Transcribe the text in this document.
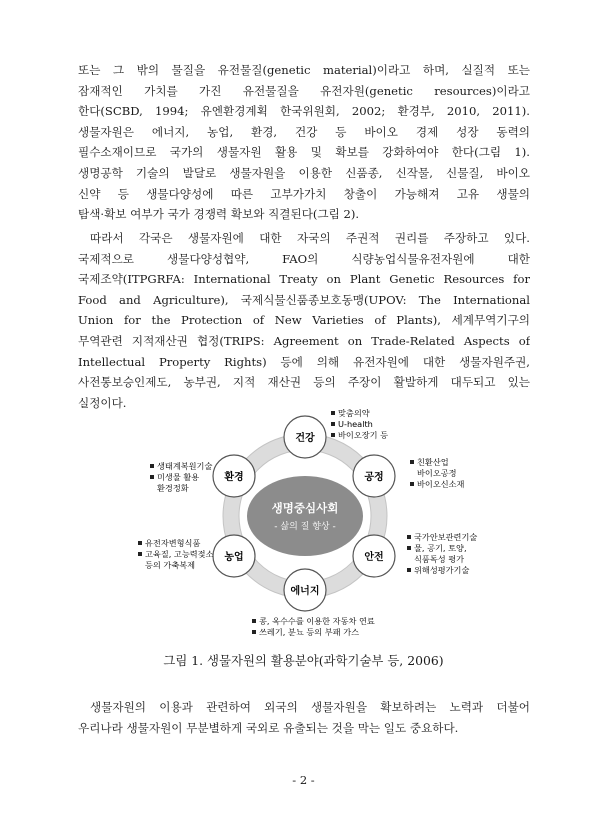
또는 그 밖의 물질을 유전물질(genetic material)이라고 하며, 실질적 또는
잠재적인 가치를 가진 유전물질을 유전자원(genetic resources)이라고
한다(SCBD, 1994; 유엔환경계획 한국위원회, 2002; 환경부, 2010, 2011).
생물자원은 에너지, 농업, 환경, 건강 등 바이오 경제 성장 동력의
필수소재이므로 국가의 생물자원 활용 및 확보를 강화하여야 한다(그림 1).
생명공학 기술의 발달로 생물자원을 이용한 신품종, 신작물, 신물질, 바이오
신약 등 생물다양성에 따른 고부가가치 창출이 가능해져 고유 생물의
탐색·확보 여부가 국가 경쟁력 확보와 직결된다(그림 2).
따라서 각국은 생물자원에 대한 자국의 주권적 권리를 주장하고 있다.
국제적으로 생물다양성협약, FAO의 식량농업식물유전자원에 대한
국제조약(ITPGRFA: International Treaty on Plant Genetic Resources for
Food and Agriculture), 국제식물신품종보호동맹(UPOV: The International
Union for the Protection of New Varieties of Plants), 세계무역기구의
무역관련 지적재산권 협정(TRIPS: Agreement on Trade-Related Aspects of
Intellectual Property Rights) 등에 의해 유전자원에 대한 생물자원주권,
사전통보승인제도, 농부권, 지적 재산권 등의 주장이 활발하게 대두되고 있는
실정이다.
생명중심사회
- 삶의 질 향상 -
건강
공정
안전
에너지
농업
환경
맞춤의약
U-health
바이오장기 등
친환산업
바이오공정
바이오신소재
국가안보관련기술
물, 공기, 토양,
식품독성 평가
위해성평가기술
콩, 옥수수를 이용한 자동차 연료
쓰레기, 분뇨 등의 부패 가스
유전자변형식품
고육질, 고능력젖소
등의 가축복제
생태계복원기술
미생물 활용
환경정화
그림 1. 생물자원의 활용분야(과학기술부 등, 2006)
생물자원의 이용과 관련하여 외국의 생물자원을 확보하려는 노력과 더불어
우리나라 생물자원이 무분별하게 국외로 유출되는 것을 막는 일도 중요하다.
- 2 -
